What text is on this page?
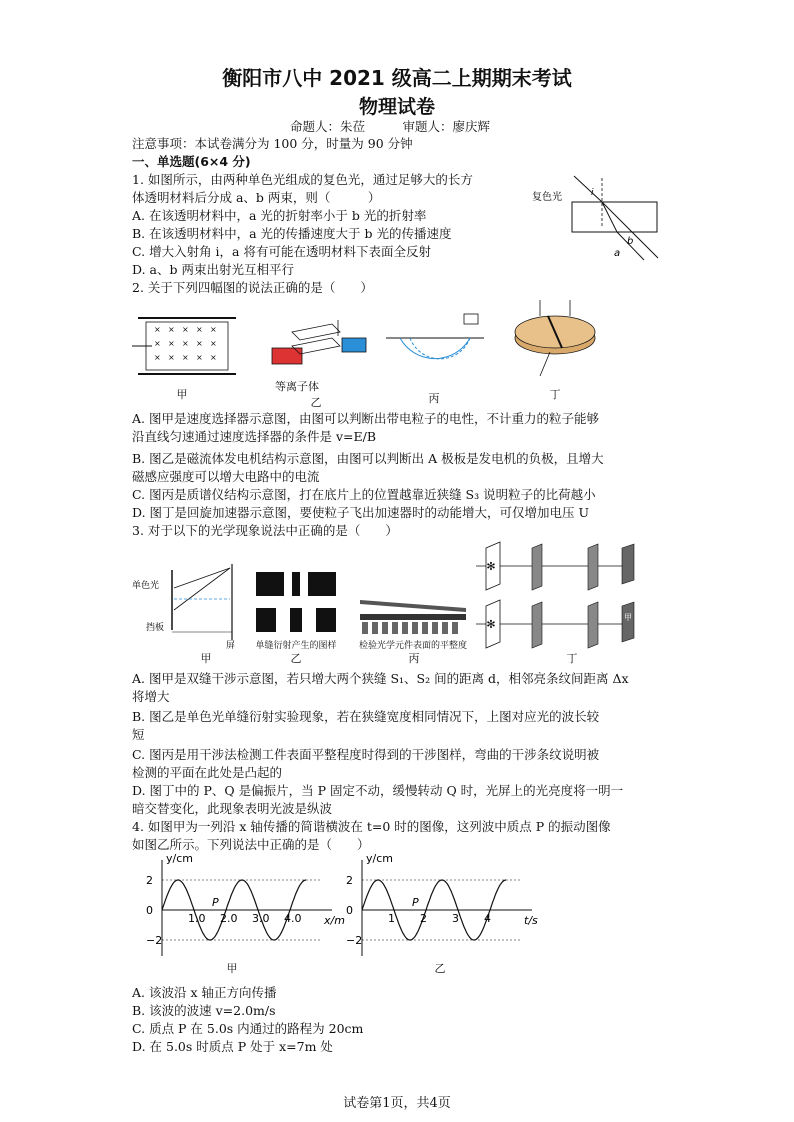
衡阳市八中 2021 级高二上期期末考试
物理试卷
命题人：朱莅　　　审题人：廖庆辉
注意事项：本试卷满分为 100 分，时量为 90 分钟
一、单选题(6×4 分)
1. 如图所示，由两种单色光组成的复色光，通过足够大的长方
体透明材料后分成 a、b 两束，则（　　　）
A. 在该透明材料中，a 光的折射率小于 b 光的折射率
B. 在该透明材料中，a 光的传播速度大于 b 光的传播速度
C. 增大入射角 i，a 将有可能在透明材料下表面全反射
D. a、b 两束出射光互相平行
复色光	i
a
b
2. 关于下列四幅图的说法正确的是（　　）
× × × × ×
× × × × ×
× × × × ×
甲
等离子体
乙	丙	丁
A. 图甲是速度选择器示意图，由图可以判断出带电粒子的电性，不计重力的粒子能够
沿直线匀速通过速度选择器的条件是 v=E/B
B. 图乙是磁流体发电机结构示意图，由图可以判断出 A 极板是发电机的负极，且增大
磁感应强度可以增大电路中的电流
C. 图丙是质谱仪结构示意图，打在底片上的位置越靠近狭缝 S₃ 说明粒子的比荷越小
D. 图丁是回旋加速器示意图，要使粒子飞出加速器时的动能增大，可仅增加电压 U
3. 对于以下的光学现象说法中正确的是（　　）
单色光
挡板
屏
甲
单缝衍射产生的图样
乙
检验光学元件表面的平整度
丙
✻
✻
甲
丁
A. 图甲是双缝干涉示意图，若只增大两个狭缝 S₁、S₂ 间的距离 d，相邻亮条纹间距离 Δx
将增大
B. 图乙是单色光单缝衍射实验现象，若在狭缝宽度相同情况下，上图对应光的波长较
短
C. 图丙是用干涉法检测工件表面平整程度时得到的干涉图样，弯曲的干涉条纹说明被
检测的平面在此处是凸起的
D. 图丁中的 P、Q 是偏振片，当 P 固定不动，缓慢转动 Q 时，光屏上的光亮度将一明一
暗交替变化，此现象表明光波是纵波
4. 如图甲为一列沿 x 轴传播的简谐横波在 t=0 时的图像，这列波中质点 P 的振动图像
如图乙所示。下列说法中正确的是（　　）
y/cm
x/m
2
0
−2
1.0 2.0 3.0 4.0
P
甲
y/cm
t/s
2
0
−2
1 2 3 4
P
乙
A. 该波沿 x 轴正方向传播
B. 该波的波速 v=2.0m/s
C. 质点 P 在 5.0s 内通过的路程为 20cm
D. 在 5.0s 时质点 P 处于 x=7m 处
试卷第1页，共4页
